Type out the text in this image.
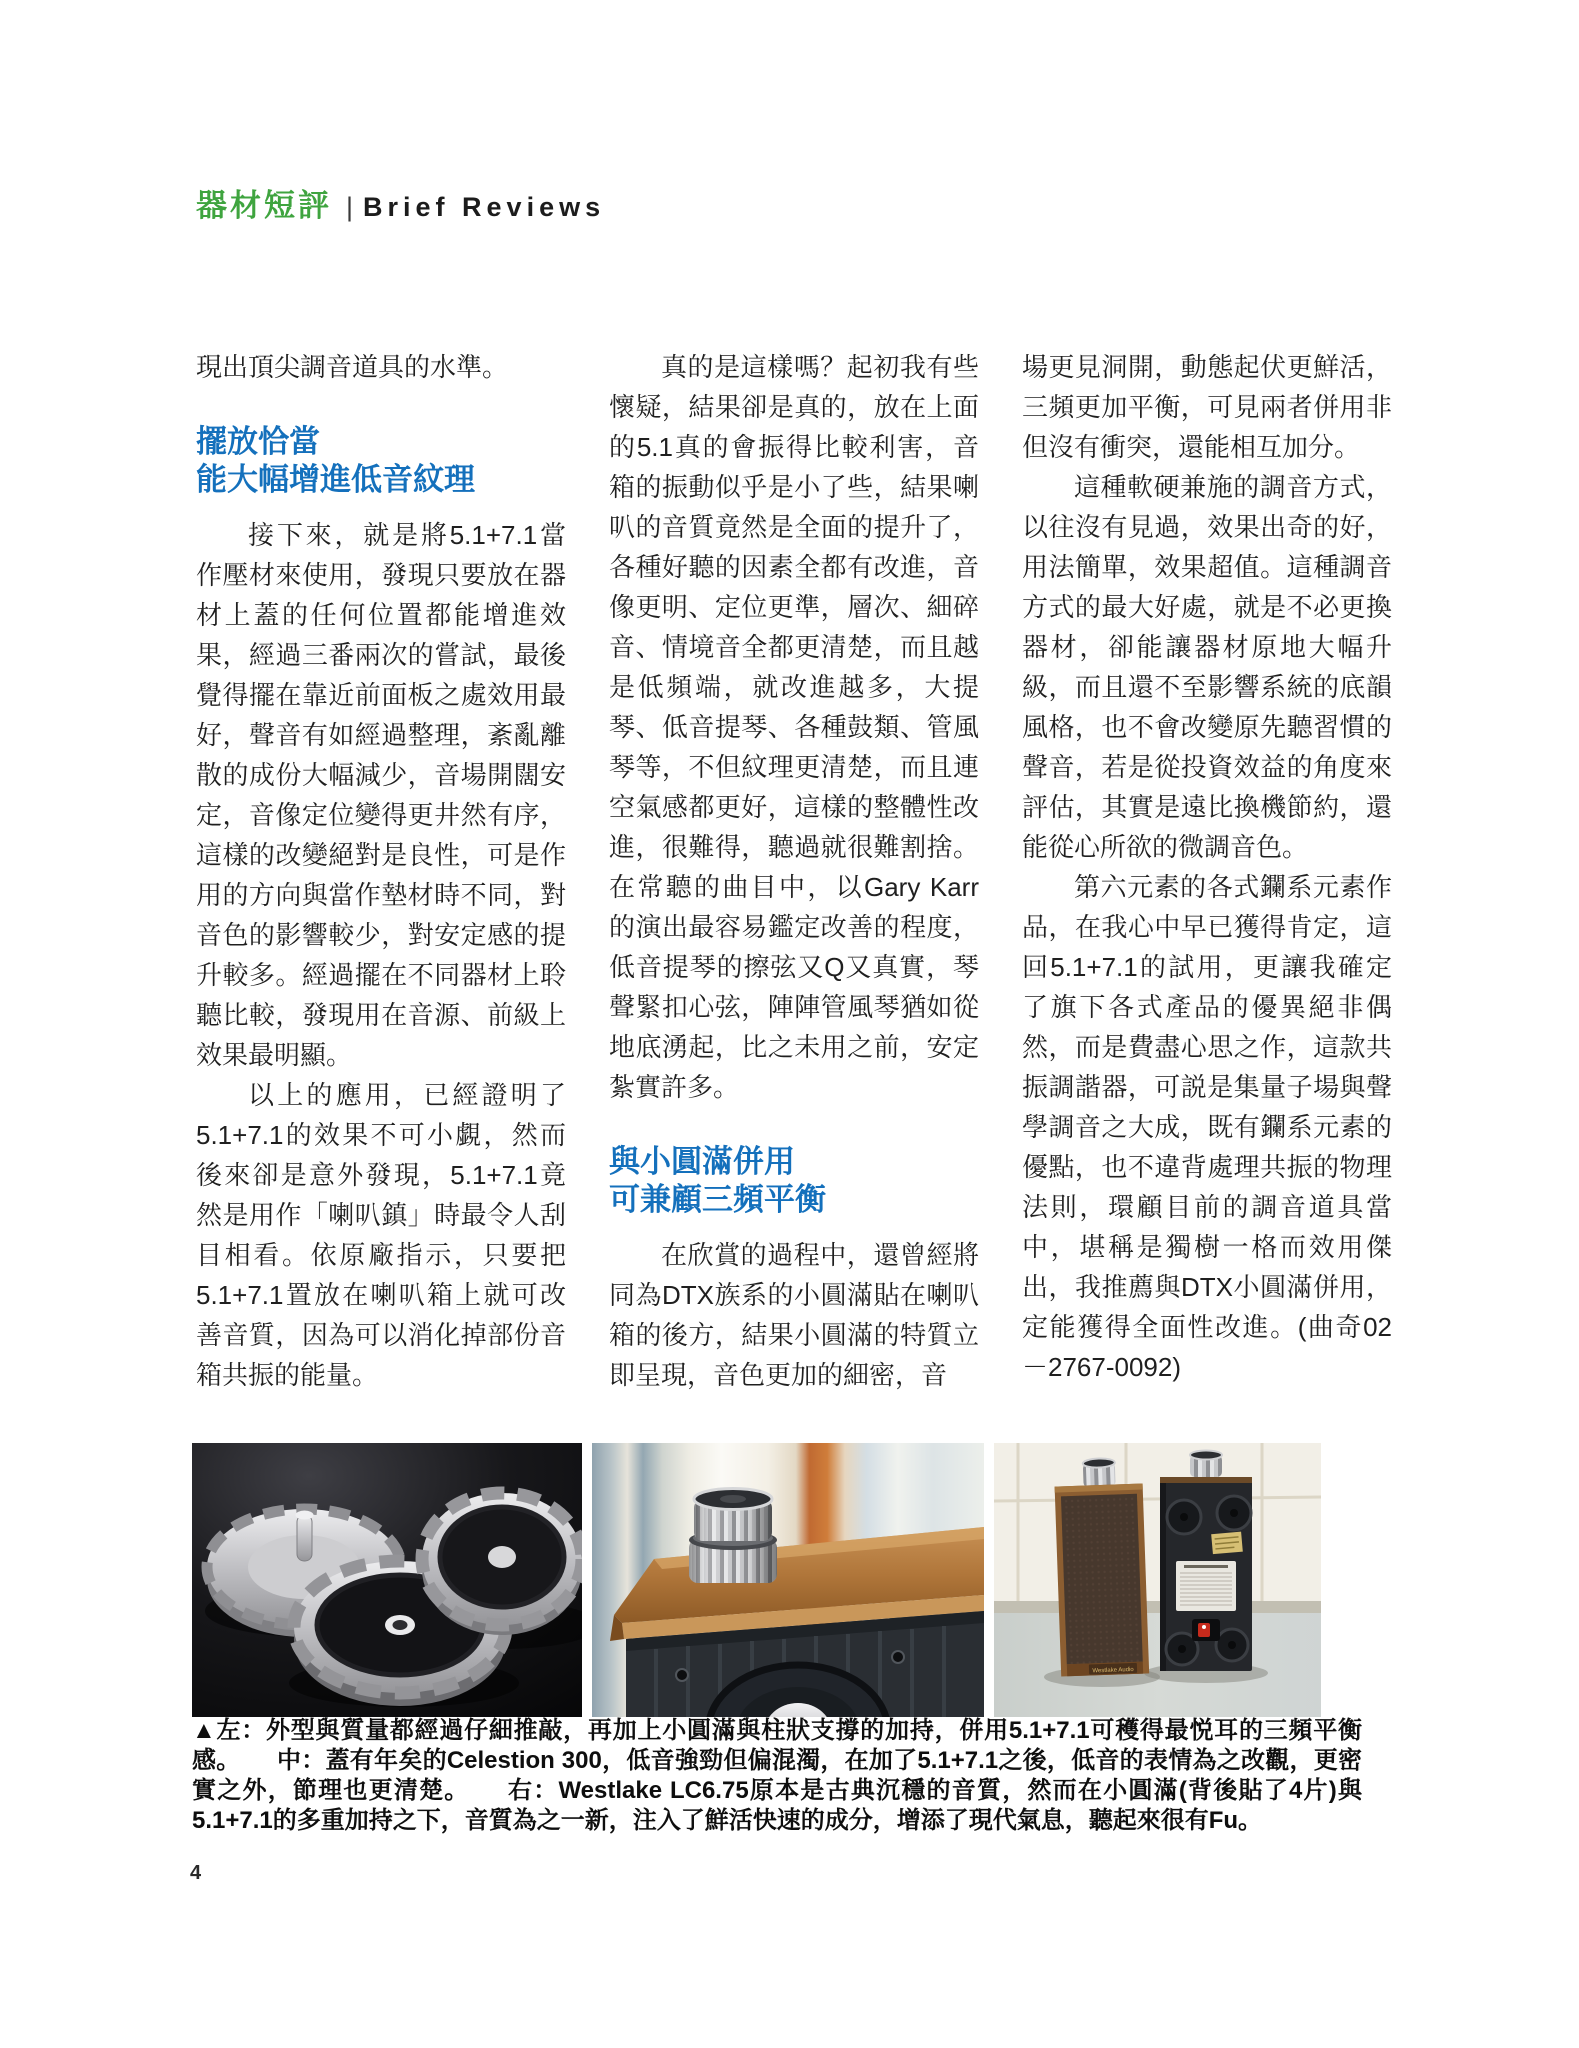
器材短評 | Brief Reviews

現出頂尖調音道具的水準。

擺放恰當
能大幅增進低音紋理

接下來，就是將5.1+7.1當作壓材來使用，發現只要放在器材上蓋的任何位置都能增進效果，經過三番兩次的嘗試，最後覺得擺在靠近前面板之處效用最好，聲音有如經過整理，紊亂離散的成份大幅減少，音場開闊安定，音像定位變得更井然有序，這樣的改變絕對是良性，可是作用的方向與當作墊材時不同，對音色的影響較少，對安定感的提升較多。經過擺在不同器材上聆聽比較，發現用在音源、前級上效果最明顯。

以上的應用，已經證明了5.1+7.1的效果不可小覷，然而後來卻是意外發現，5.1+7.1竟然是用作「喇叭鎮」時最令人刮目相看。依原廠指示，只要把5.1+7.1置放在喇叭箱上就可改善音質，因為可以消化掉部份音箱共振的能量。

真的是這樣嗎？起初我有些懷疑，結果卻是真的，放在上面的5.1真的會振得比較利害，音箱的振動似乎是小了些，結果喇叭的音質竟然是全面的提升了，各種好聽的因素全都有改進，音像更明、定位更準，層次、細碎音、情境音全都更清楚，而且越是低頻端，就改進越多，大提琴、低音提琴、各種鼓類、管風琴等，不但紋理更清楚，而且連空氣感都更好，這樣的整體性改進，很難得，聽過就很難割捨。在常聽的曲目中，以Gary Karr的演出最容易鑑定改善的程度，低音提琴的擦弦又Q又真實，琴聲緊扣心弦，陣陣管風琴猶如從地底湧起，比之未用之前，安定紮實許多。

與小圓滿併用
可兼顧三頻平衡

在欣賞的過程中，還曾經將同為DTX族系的小圓滿貼在喇叭箱的後方，結果小圓滿的特質立即呈現，音色更加的細密，音

場更見洞開，動態起伏更鮮活，三頻更加平衡，可見兩者併用非但沒有衝突，還能相互加分。

這種軟硬兼施的調音方式，以往沒有見過，效果出奇的好，用法簡單，效果超值。這種調音方式的最大好處，就是不必更換器材，卻能讓器材原地大幅升級，而且還不至影響系統的底韻風格，也不會改變原先聽習慣的聲音，若是從投資效益的角度來評估，其實是遠比換機節約，還能從心所欲的微調音色。

第六元素的各式鑭系元素作品，在我心中早已獲得肯定，這回5.1+7.1的試用，更讓我確定了旗下各式產品的優異絕非偶然，而是費盡心思之作，這款共振調諧器，可説是集量子場與聲學調音之大成，既有鑭系元素的優點，也不違背處理共振的物理法則，環顧目前的調音道具當中，堪稱是獨樹一格而效用傑出，我推薦與DTX小圓滿併用，定能獲得全面性改進。(曲奇02－2767-0092)

Westlake Audio

▲左：外型與質量都經過仔細推敲，再加上小圓滿與柱狀支撐的加持，併用5.1+7.1可穫得最悦耳的三頻平衡感。　　中：蓋有年矣的Celestion 300，低音強勁但偏混濁，在加了5.1+7.1之後，低音的表情為之改觀，更密實之外，節理也更清楚。　　右：Westlake LC6.75原本是古典沉穩的音質，然而在小圓滿(背後貼了4片)與5.1+7.1的多重加持之下，音質為之一新，注入了鮮活快速的成分，增添了現代氣息，聽起來很有Fu。

4
